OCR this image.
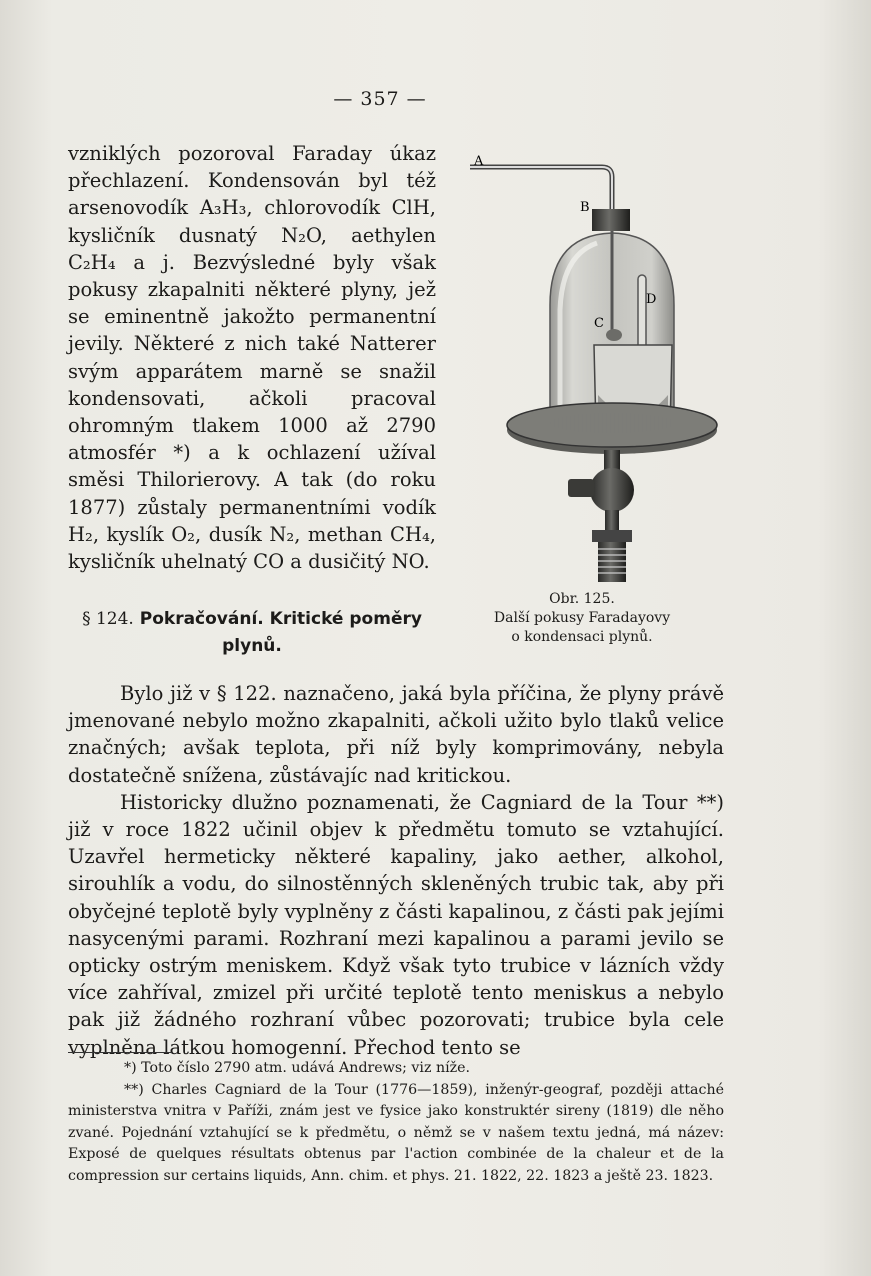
— 357 —

vzniklých pozoroval Faraday úkaz přechlazení. Kondensován byl též arsenovodík A₃H₃, chlorovodík ClH, kysličník dusnatý N₂O, aethylen C₂H₄ a j. Bezvýsledné byly však pokusy zkapalniti některé plyny, jež se eminentně jakožto permanentní jevily. Některé z nich také Natterer svým apparátem marně se snažil kondensovati, ačkoli pracoval ohromným tlakem 1000 až 2790 atmosfér *) a k ochlazení užíval směsi Thilorierovy. A tak (do roku 1877) zůstaly permanentními vodík H₂, kyslík O₂, dusík N₂, methan CH₄, kysličník uhelnatý CO a dusičitý NO.

§ 124. Pokračování. Kritické poměry plynů.
A
B
C
D
Obr. 125.
Další pokusy Faradayovy
o kondensaci plynů.

Bylo již v § 122. naznačeno, jaká byla příčina, že plyny právě jmenované nebylo možno zkapalniti, ačkoli užito bylo tlaků velice značných; avšak teplota, při níž byly komprimovány, nebyla dostatečně snížena, zůstávajíc nad kritickou.

Historicky dlužno poznamenati, že Cagniard de la Tour **) již v roce 1822 učinil objev k předmětu tomuto se vztahující. Uzavřel hermeticky některé kapaliny, jako aether, alkohol, sirouhlík a vodu, do silnostěnných skleněných trubic tak, aby při obyčejné teplotě byly vyplněny z části kapalinou, z části pak jejími nasycenými parami. Rozhraní mezi kapalinou a parami jevilo se opticky ostrým meniskem. Když však tyto trubice v lázních vždy více zahříval, zmizel při určité teplotě tento meniskus a nebylo pak již žádného rozhraní vůbec pozorovati; trubice byla cele vyplněna látkou homogenní. Přechod tento se

*) Toto číslo 2790 atm. udává Andrews; viz níže.

**) Charles Cagniard de la Tour (1776—1859), inženýr-geograf, později attaché ministerstva vnitra v Paříži, znám jest ve fysice jako konstruktér sireny (1819) dle něho zvané. Pojednání vztahující se k předmětu, o němž se v našem textu jedná, má název: Exposé de quelques résultats obtenus par l'action combinée de la chaleur et de la compression sur certains liquids, Ann. chim. et phys. 21. 1822, 22. 1823 a ještě 23. 1823.
